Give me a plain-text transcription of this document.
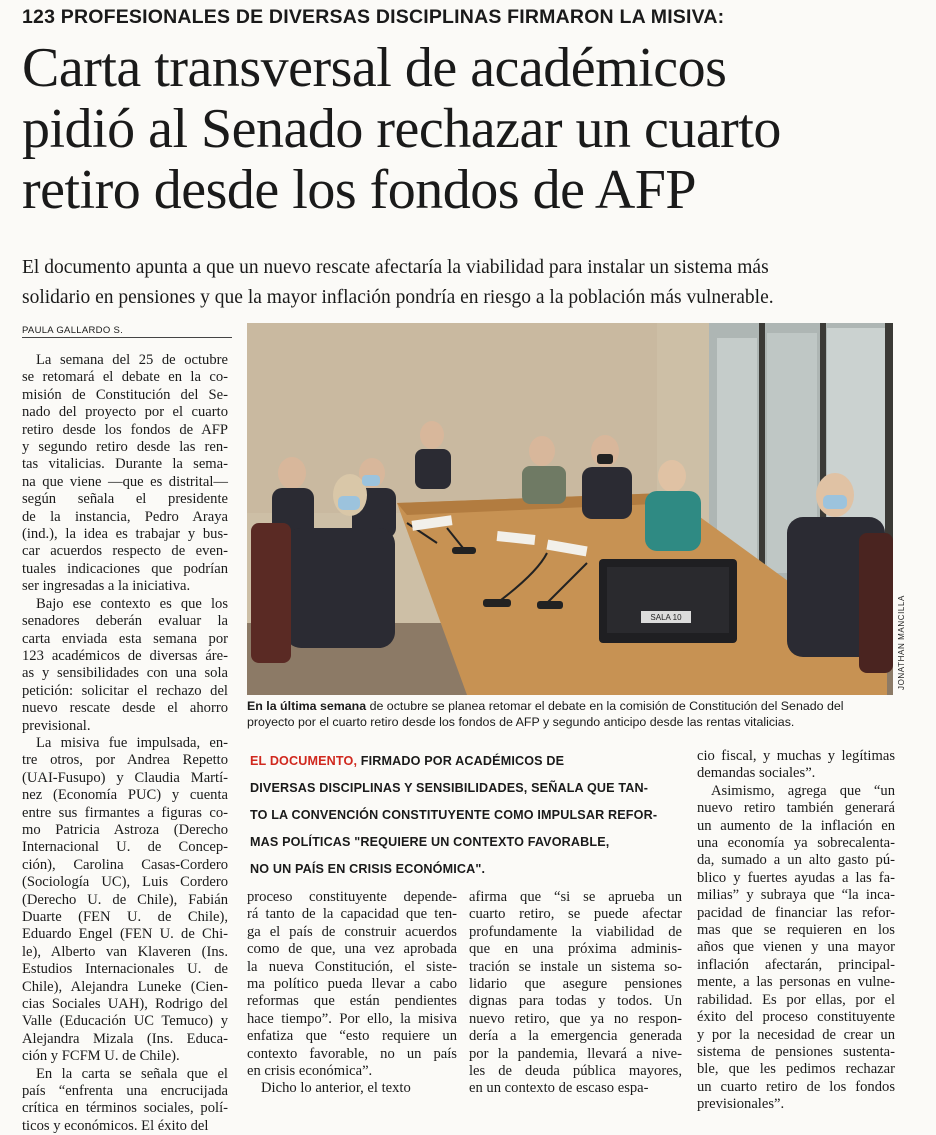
123 PROFESIONALES DE DIVERSAS DISCIPLINAS FIRMARON LA MISIVA:
Carta transversal de académicos
pidió al Senado rechazar un cuarto
retiro desde los fondos de AFP
El documento apunta a que un nuevo rescate afectaría la viabilidad para instalar un sistema más
solidario en pensiones y que la mayor inflación pondría en riesgo a la población más vulnerable.
PAULA GALLARDO S.
La semana del 25 de octubre
se retomará el debate en la co-
misión de Constitución del Se-
nado del proyecto por el cuarto
retiro desde los fondos de AFP
y segundo retiro desde las ren-
tas vitalicias. Durante la sema-
na que viene —que es distrital—
según señala el presidente
de la instancia, Pedro Araya
(ind.), la idea es trabajar y bus-
car acuerdos respecto de even-
tuales indicaciones que podrían
ser ingresadas a la iniciativa.
Bajo ese contexto es que los
senadores deberán evaluar la
carta enviada esta semana por
123 académicos de diversas áre-
as y sensibilidades con una sola
petición: solicitar el rechazo del
nuevo rescate desde el ahorro
previsional.
La misiva fue impulsada, en-
tre otros, por Andrea Repetto
(UAI-Fusupo) y Claudia Martí-
nez (Economía PUC) y cuenta
entre sus firmantes a figuras co-
mo Patricia Astroza (Derecho
Internacional U. de Concep-
ción), Carolina Casas-Cordero
(Sociología UC), Luis Cordero
(Derecho U. de Chile), Fabián
Duarte (FEN U. de Chile),
Eduardo Engel (FEN U. de Chi-
le), Alberto van Klaveren (Ins.
Estudios Internacionales U. de
Chile), Alejandra Luneke (Cien-
cias Sociales UAH), Rodrigo del
Valle (Educación UC Temuco) y
Alejandra Mizala (Ins. Educa-
ción y FCFM U. de Chile).
En la carta se señala que el
país “enfrenta una encrucijada
crítica en términos sociales, polí-
ticos y económicos. El éxito del
SALA 10	JONATHAN MANCILLA
En la última semana de octubre se planea retomar el debate en la comisión de Constitución del Senado del
proyecto por el cuarto retiro desde los fondos de AFP y segundo anticipo desde las rentas vitalicias.
EL DOCUMENTO, FIRMADO POR ACADÉMICOS DE
DIVERSAS DISCIPLINAS Y SENSIBILIDADES, SEÑALA QUE TAN-
TO LA CONVENCIÓN CONSTITUYENTE COMO IMPULSAR REFOR-
MAS POLÍTICAS "REQUIERE UN CONTEXTO FAVORABLE,
NO UN PAÍS EN CRISIS ECONÓMICA".
proceso constituyente depende-
rá tanto de la capacidad que ten-
ga el país de construir acuerdos
como de que, una vez aprobada
la nueva Constitución, el siste-
ma político pueda llevar a cabo
reformas que están pendientes
hace tiempo”. Por ello, la misiva
enfatiza que “esto requiere un
contexto favorable, no un país
en crisis económica”.
Dicho lo anterior, el texto
afirma que “si se aprueba un
cuarto retiro, se puede afectar
profundamente la viabilidad de
que en una próxima adminis-
tración se instale un sistema so-
lidario que asegure pensiones
dignas para todas y todos. Un
nuevo retiro, que ya no respon-
dería a la emergencia generada
por la pandemia, llevará a nive-
les de deuda pública mayores,
en un contexto de escaso espa-
cio fiscal, y muchas y legítimas
demandas sociales”.
Asimismo, agrega que “un
nuevo retiro también generará
un aumento de la inflación en
una economía ya sobrecalenta-
da, sumado a un alto gasto pú-
blico y fuertes ayudas a las fa-
milias” y subraya que “la inca-
pacidad de financiar las refor-
mas que se requieren en los
años que vienen y una mayor
inflación afectarán, principal-
mente, a las personas en vulne-
rabilidad. Es por ellas, por el
éxito del proceso constituyente
y por la necesidad de crear un
sistema de pensiones sustenta-
ble, que les pedimos rechazar
un cuarto retiro de los fondos
previsionales”.
